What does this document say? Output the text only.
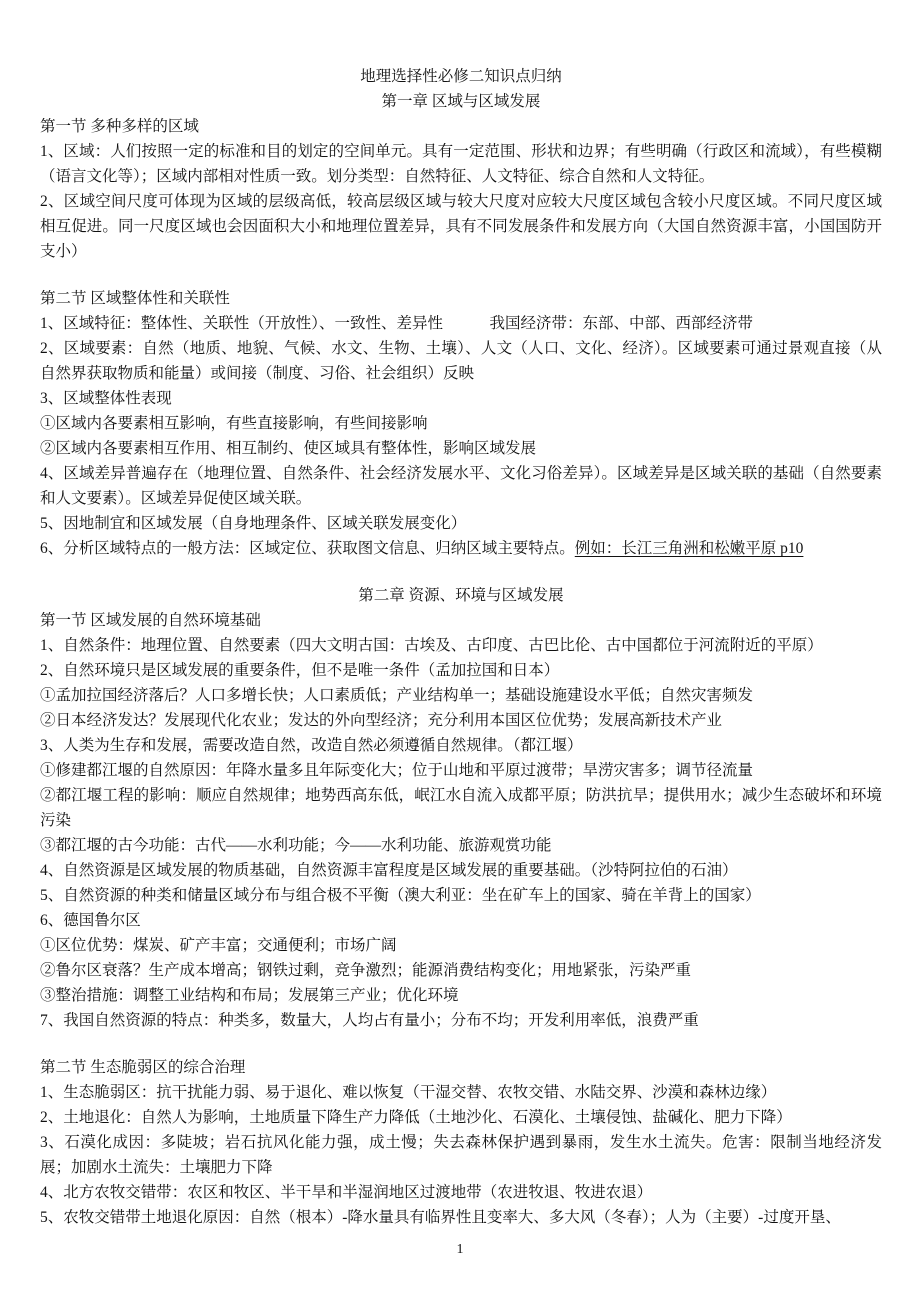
地理选择性必修二知识点归纳
第一章 区域与区域发展
第一节 多种多样的区域
1、区域：人们按照一定的标准和目的划定的空间单元。具有一定范围、形状和边界；有些明确（行政区和流域），有些模糊（语言文化等）；区域内部相对性质一致。划分类型：自然特征、人文特征、综合自然和人文特征。
2、区域空间尺度可体现为区域的层级高低，较高层级区域与较大尺度对应较大尺度区域包含较小尺度区域。不同尺度区域相互促进。同一尺度区域也会因面积大小和地理位置差异，具有不同发展条件和发展方向（大国自然资源丰富，小国国防开支小）
第二节 区域整体性和关联性
1、区域特征：整体性、关联性（开放性）、一致性、差异性　　　我国经济带：东部、中部、西部经济带
2、区域要素：自然（地质、地貌、气候、水文、生物、土壤）、人文（人口、文化、经济）。区域要素可通过景观直接（从自然界获取物质和能量）或间接（制度、习俗、社会组织）反映
3、区域整体性表现
①区域内各要素相互影响，有些直接影响，有些间接影响
②区域内各要素相互作用、相互制约、使区域具有整体性，影响区域发展
4、区域差异普遍存在（地理位置、自然条件、社会经济发展水平、文化习俗差异）。区域差异是区域关联的基础（自然要素和人文要素）。区域差异促使区域关联。
5、因地制宜和区域发展（自身地理条件、区域关联发展变化）
6、分析区域特点的一般方法：区域定位、获取图文信息、归纳区域主要特点。例如：长江三角洲和松嫩平原 p10
第二章 资源、环境与区域发展
第一节 区域发展的自然环境基础
1、自然条件：地理位置、自然要素（四大文明古国：古埃及、古印度、古巴比伦、古中国都位于河流附近的平原）
2、自然环境只是区域发展的重要条件，但不是唯一条件（孟加拉国和日本）
①孟加拉国经济落后？人口多增长快；人口素质低；产业结构单一；基础设施建设水平低；自然灾害频发
②日本经济发达？发展现代化农业；发达的外向型经济；充分利用本国区位优势；发展高新技术产业
3、人类为生存和发展，需要改造自然，改造自然必须遵循自然规律。（都江堰）
①修建都江堰的自然原因：年降水量多且年际变化大；位于山地和平原过渡带；旱涝灾害多；调节径流量
②都江堰工程的影响：顺应自然规律；地势西高东低，岷江水自流入成都平原；防洪抗旱；提供用水；减少生态破坏和环境污染
③都江堰的古今功能：古代——水利功能；今——水利功能、旅游观赏功能
4、自然资源是区域发展的物质基础，自然资源丰富程度是区域发展的重要基础。（沙特阿拉伯的石油）
5、自然资源的种类和储量区域分布与组合极不平衡（澳大利亚：坐在矿车上的国家、骑在羊背上的国家）
6、德国鲁尔区
①区位优势：煤炭、矿产丰富；交通便利；市场广阔
②鲁尔区衰落？生产成本增高；钢铁过剩，竞争激烈；能源消费结构变化；用地紧张，污染严重
③整治措施：调整工业结构和布局；发展第三产业；优化环境
7、我国自然资源的特点：种类多，数量大，人均占有量小；分布不均；开发利用率低，浪费严重
第二节 生态脆弱区的综合治理
1、生态脆弱区：抗干扰能力弱、易于退化、难以恢复（干湿交替、农牧交错、水陆交界、沙漠和森林边缘）
2、土地退化：自然人为影响，土地质量下降生产力降低（土地沙化、石漠化、土壤侵蚀、盐碱化、肥力下降）
3、石漠化成因：多陡坡；岩石抗风化能力强，成土慢；失去森林保护遇到暴雨，发生水土流失。危害：限制当地经济发展；加剧水土流失：土壤肥力下降
4、北方农牧交错带：农区和牧区、半干旱和半湿润地区过渡地带（农进牧退、牧进农退）
5、农牧交错带土地退化原因：自然（根本）-降水量具有临界性且变率大、多大风（冬春）；人为（主要）-过度开垦、
1
